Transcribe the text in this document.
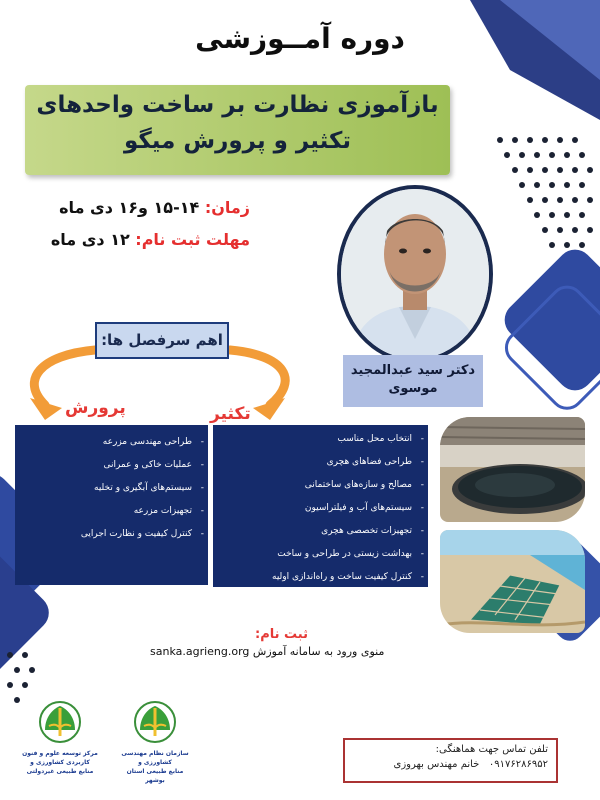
دوره آمــوزشی
بازآموزی نظارت بر ساخت واحدهای
تکثیر و پرورش میگو
زمان: ۱۴-۱۵ و۱۶ دی ماه
مهلت ثبت نام: ۱۲ دی ماه
دکتر سید عبدالمجید
موسوی
اهم سرفصل ها:
پرورش	تکثیر
- طراحی مهندسی مزرعه
- عملیات خاکی و عمرانی
- سیستم‌های آبگیری و تخلیه
- تجهیزات مزرعه
- کنترل کیفیت و نظارت اجرایی
- انتخاب محل مناسب
- طراحی فضاهای هچری
- مصالح و سازه‌های ساختمانی
- سیستم‌های آب و فیلتراسیون
- تجهیزات تخصصی هچری
- بهداشت زیستی در طراحی و ساخت
- کنترل کیفیت ساخت و راه‌اندازی اولیه
ثبت نام:
sanka.agrieng.org منوی ورود به سامانه آموزش
سازمان نظام مهندسی کشاورزی و
منابع طبیعی استان بوشهر
مرکز توسعه علوم و فنون کاربردی کشاورزی و
منابع طبیعی غیردولتی
تلفن تماس جهت هماهنگی:
۰۹۱۷۶۲۸۶۹۵۲   خانم مهندس بهروزی
